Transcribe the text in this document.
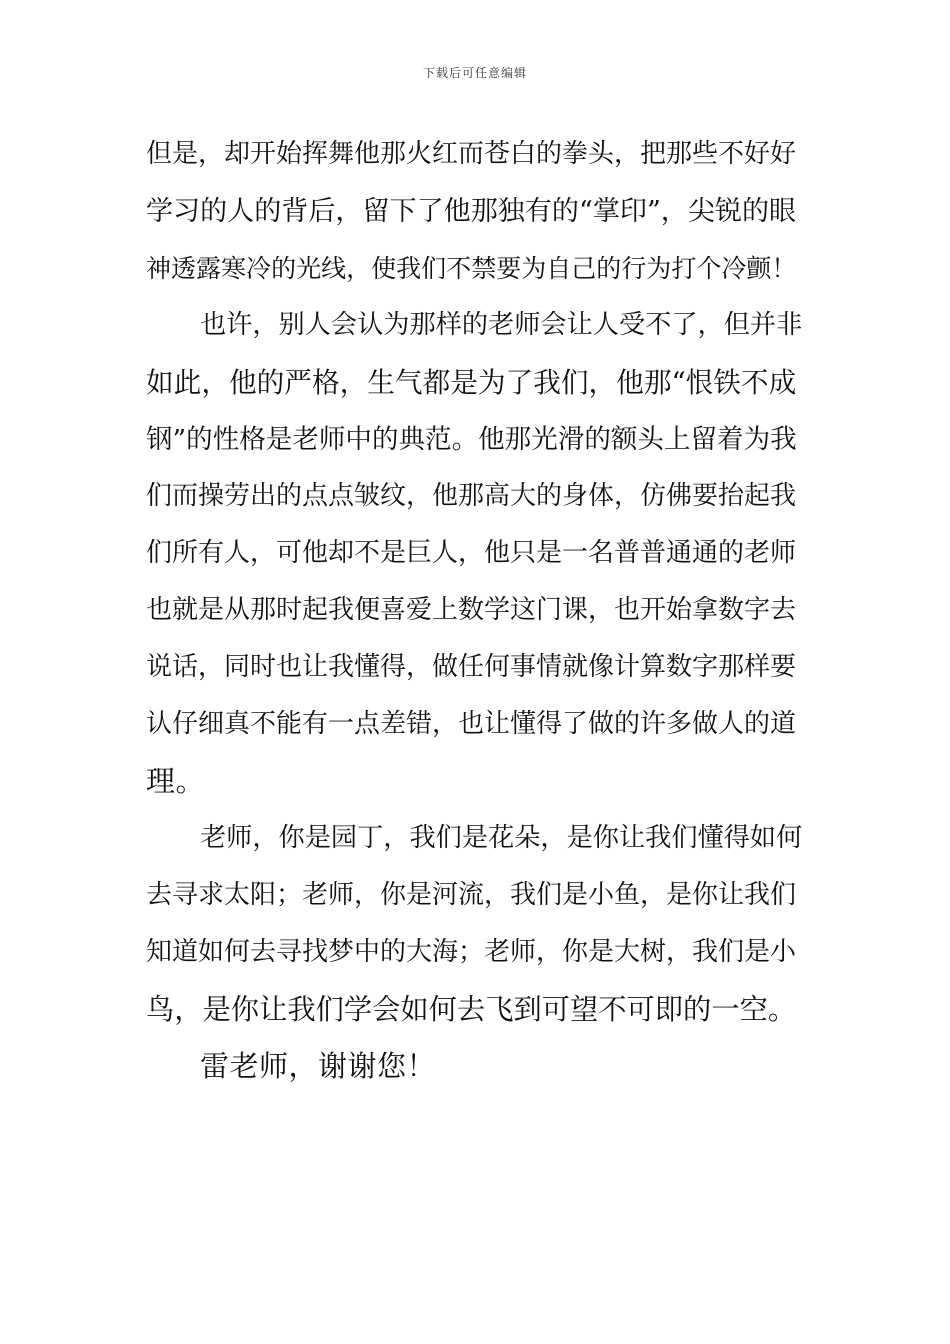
下载后可任意编辑
但是，却开始挥舞他那火红而苍白的拳头，把那些不好好
学习的人的背后，留下了他那独有的“掌印”，尖锐的眼
神透露寒冷的光线，使我们不禁要为自己的行为打个冷颤！
也许，别人会认为那样的老师会让人受不了，但并非
如此，他的严格，生气都是为了我们，他那“恨铁不成
钢”的性格是老师中的典范。他那光滑的额头上留着为我
们而操劳出的点点皱纹，他那高大的身体，仿佛要抬起我
们所有人，可他却不是巨人，他只是一名普普通通的老师
也就是从那时起我便喜爱上数学这门课，也开始拿数字去
说话，同时也让我懂得，做任何事情就像计算数字那样要
认仔细真不能有一点差错，也让懂得了做的许多做人的道
理。
老师，你是园丁，我们是花朵，是你让我们懂得如何
去寻求太阳；老师，你是河流，我们是小鱼，是你让我们
知道如何去寻找梦中的大海；老师，你是大树，我们是小
鸟，是你让我们学会如何去飞到可望不可即的一空。
雷老师，谢谢您！
